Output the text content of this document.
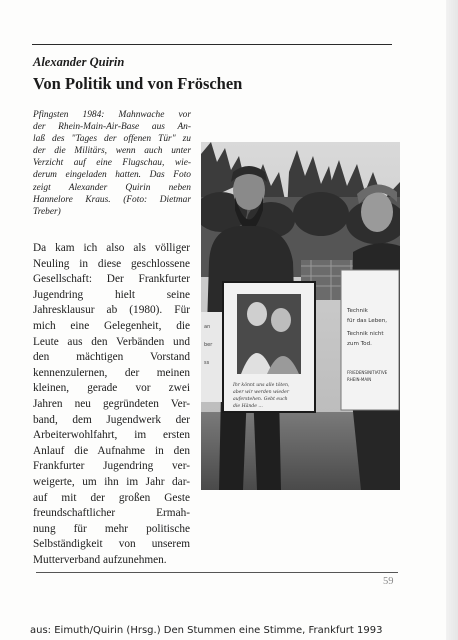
Alexander Quirin
Von Politik und von Fröschen
Pfingsten 1984: Mahnwache vor
der Rhein-Main-Air-Base aus An-
laß des "Tages der offenen Tür" zu
der die Militärs, wenn auch unter
Verzicht auf eine Flugschau, wie-
derum eingeladen hatten. Das Foto
zeigt Alexander Quirin neben
Hannelore Kraus. (Foto: Dietmar
Treber)
Da kam ich also als völliger
Neuling in diese geschlossene
Gesellschaft: Der Frankfurter
Jugendring hielt seine
Jahresklausur ab (1980). Für
mich eine Gelegenheit, die
Leute aus den Verbänden und
den mächtigen Vorstand
kennenzulernen, der meinen
kleinen, gerade vor zwei
Jahren neu gegründeten Ver-
band, dem Jugendwerk der
Arbeiterwohlfahrt, im ersten
Anlauf die Aufnahme in den
Frankfurter Jugendring ver-
weigerte, um ihn im Jahr dar-
auf mit der großen Geste
freundschaftlicher Ermah-
nung für mehr politische
Selbständigkeit von unserem
Mutterverband aufzunehmen.
an
ber
ss
Ihr könnt uns alle töten,
aber wir werden wieder
auferstehen. Gebt euch
die Hände ...
Technik
für das Leben,
Technik nicht
zum Tod.
FRIEDENSINITIATIVE
RHEIN-MAIN
59
aus: Eimuth/Quirin (Hrsg.) Den Stummen eine Stimme, Frankfurt 1993
